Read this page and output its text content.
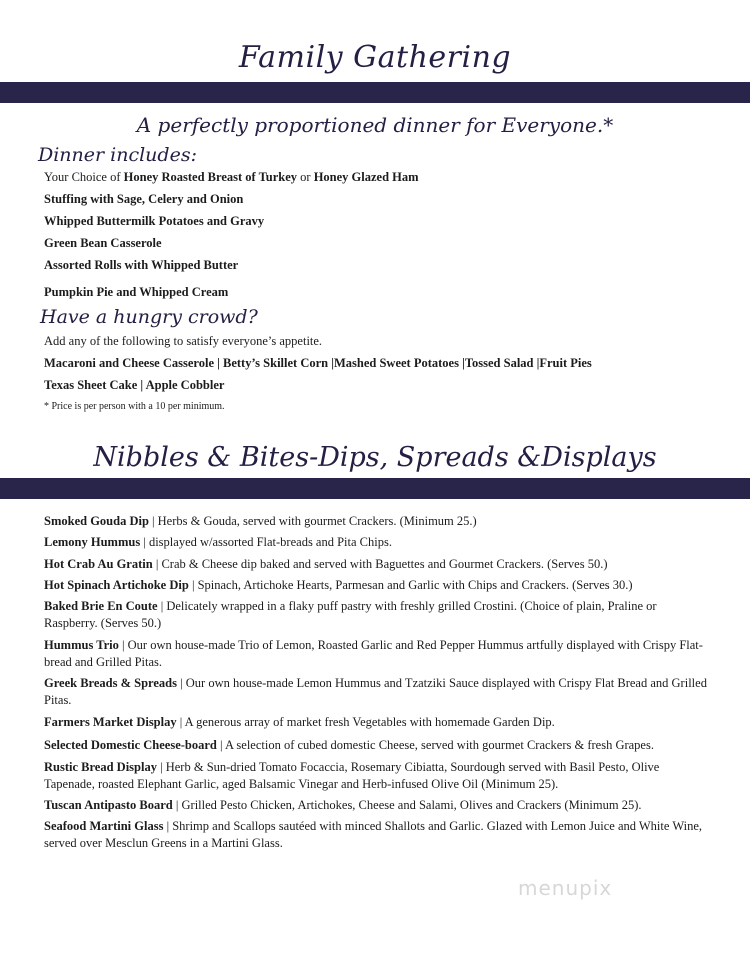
Family Gathering
A perfectly proportioned dinner for Everyone.*
Dinner includes:
Your Choice of Honey Roasted Breast of Turkey or Honey Glazed Ham
Stuffing with Sage, Celery and Onion
Whipped Buttermilk Potatoes and Gravy
Green Bean Casserole
Assorted Rolls with Whipped Butter
Pumpkin Pie and Whipped Cream
Have a hungry crowd?
Add any of the following to satisfy everyone’s appetite.
Macaroni and Cheese Casserole | Betty’s Skillet Corn |Mashed Sweet Potatoes |Tossed Salad |Fruit Pies
Texas Sheet Cake | Apple Cobbler
* Price is per person with a 10 per minimum.
Nibbles & Bites-Dips, Spreads &Displays
Smoked Gouda Dip | Herbs & Gouda, served with gourmet Crackers. (Minimum 25.)
Lemony Hummus | displayed w/assorted Flat-breads and Pita Chips.
Hot Crab Au Gratin | Crab & Cheese dip baked and served with Baguettes and Gourmet Crackers. (Serves 50.)
Hot Spinach Artichoke Dip | Spinach, Artichoke Hearts, Parmesan and Garlic with Chips and Crackers. (Serves 30.)
Baked Brie En Coute | Delicately wrapped in a flaky puff pastry with freshly grilled Crostini. (Choice of plain, Praline or Raspberry. (Serves 50.)
Hummus Trio | Our own house-made Trio of Lemon, Roasted Garlic and Red Pepper Hummus artfully displayed with Crispy Flat-bread and Grilled Pitas.
Greek Breads & Spreads | Our own house-made Lemon Hummus and Tzatziki Sauce displayed with Crispy Flat Bread and Grilled Pitas.
Farmers Market Display | A generous array of market fresh Vegetables with homemade Garden Dip.
Selected Domestic Cheese-board | A selection of cubed domestic Cheese, served with gourmet Crackers & fresh Grapes.
Rustic Bread Display | Herb & Sun-dried Tomato Focaccia, Rosemary Cibiatta, Sourdough served with Basil Pesto, Olive Tapenade, roasted Elephant Garlic, aged Balsamic Vinegar and Herb-infused Olive Oil (Minimum 25).
Tuscan Antipasto Board | Grilled Pesto Chicken, Artichokes, Cheese and Salami, Olives and Crackers (Minimum 25).
Seafood Martini Glass | Shrimp and Scallops sautéed with minced Shallots and Garlic. Glazed with Lemon Juice and White Wine, served over Mesclun Greens in a Martini Glass.
menupix
